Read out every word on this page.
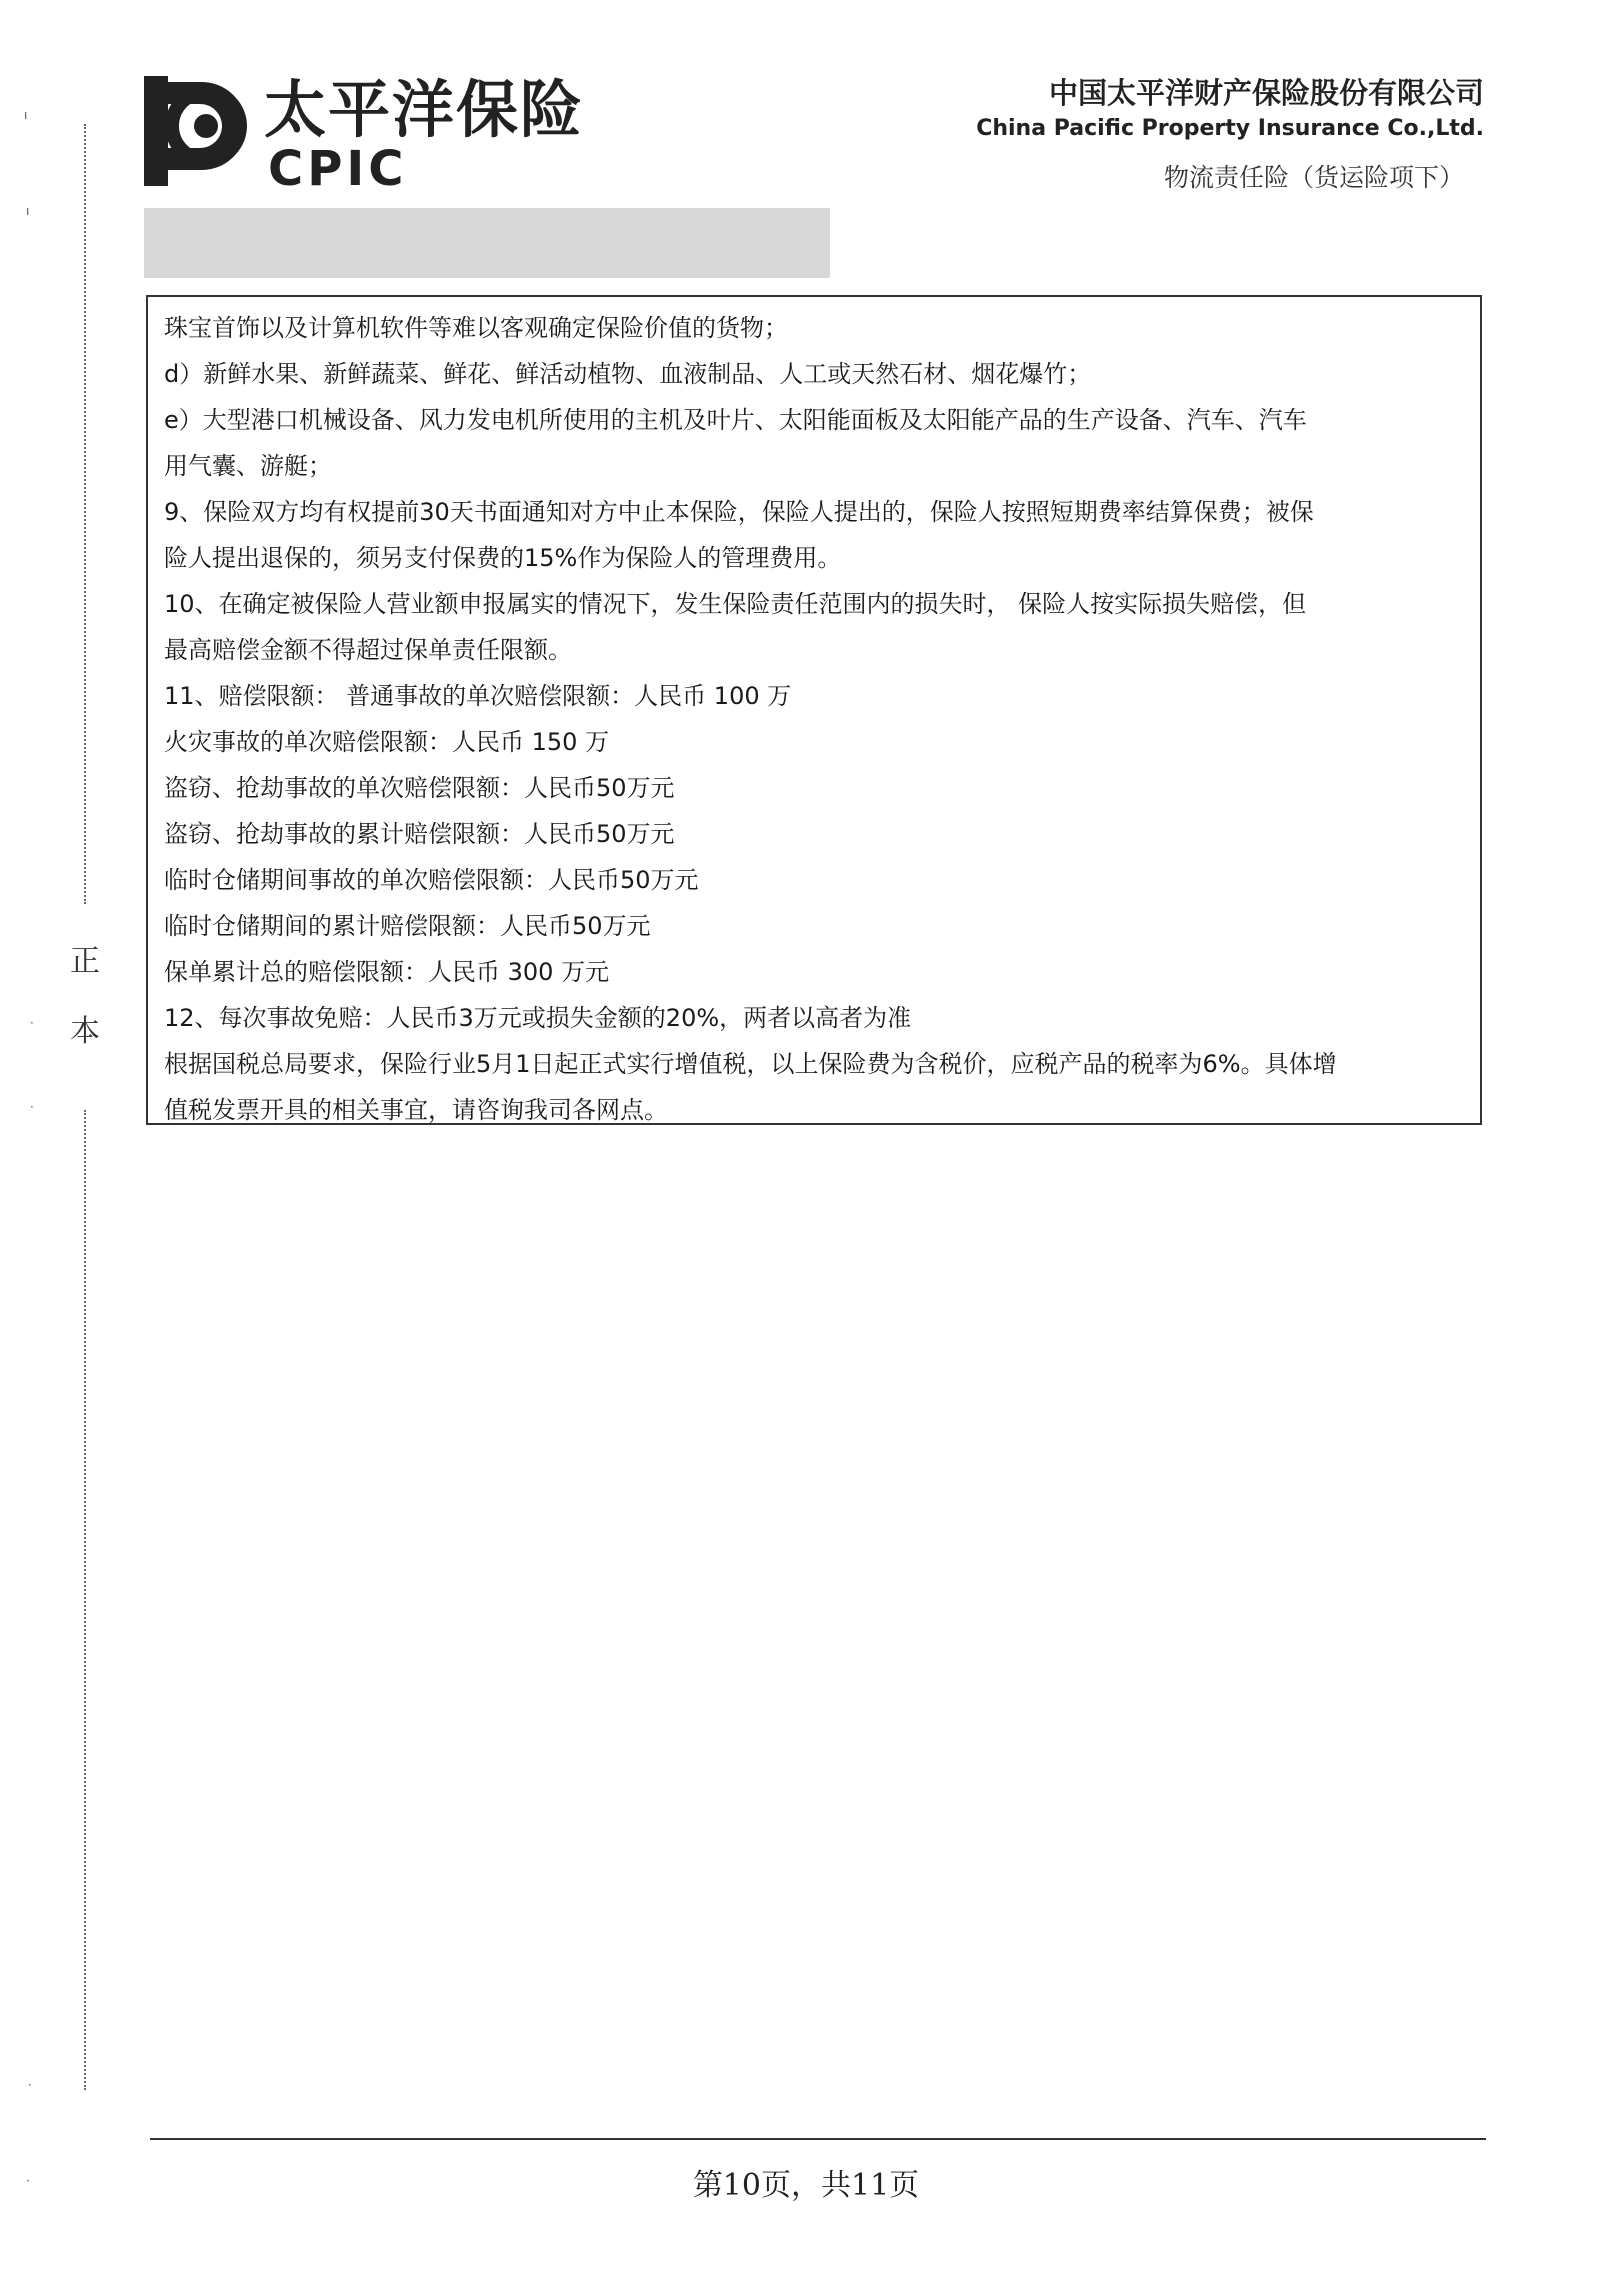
太平洋保险
CPIC
中国太平洋财产保险股份有限公司
China Pacific Property Insurance Co.,Ltd.
物流责任险（货运险项下）
正
本
ı
ı
·
·
·
·

珠宝首饰以及计算机软件等难以客观确定保险价值的货物；

d）新鲜水果、新鲜蔬菜、鲜花、鲜活动植物、血液制品、人工或天然石材、烟花爆竹；

e）大型港口机械设备、风力发电机所使用的主机及叶片、太阳能面板及太阳能产品的生产设备、汽车、汽车

用气囊、游艇；

9、保险双方均有权提前30天书面通知对方中止本保险，保险人提出的，保险人按照短期费率结算保费；被保

险人提出退保的，须另支付保费的15%作为保险人的管理费用。

10、在确定被保险人营业额申报属实的情况下，发生保险责任范围内的损失时， 保险人按实际损失赔偿，但

最高赔偿金额不得超过保单责任限额。

11、赔偿限额： 普通事故的单次赔偿限额：人民币 100 万

火灾事故的单次赔偿限额：人民币 150 万

盗窃、抢劫事故的单次赔偿限额：人民币50万元

盗窃、抢劫事故的累计赔偿限额：人民币50万元

临时仓储期间事故的单次赔偿限额：人民币50万元

临时仓储期间的累计赔偿限额：人民币50万元

保单累计总的赔偿限额：人民币 300 万元

12、每次事故免赔：人民币3万元或损失金额的20%，两者以高者为准

根据国税总局要求，保险行业5月1日起正式实行增值税，以上保险费为含税价，应税产品的税率为6%。具体增

值税发票开具的相关事宜，请咨询我司各网点。

第10页，共11页
